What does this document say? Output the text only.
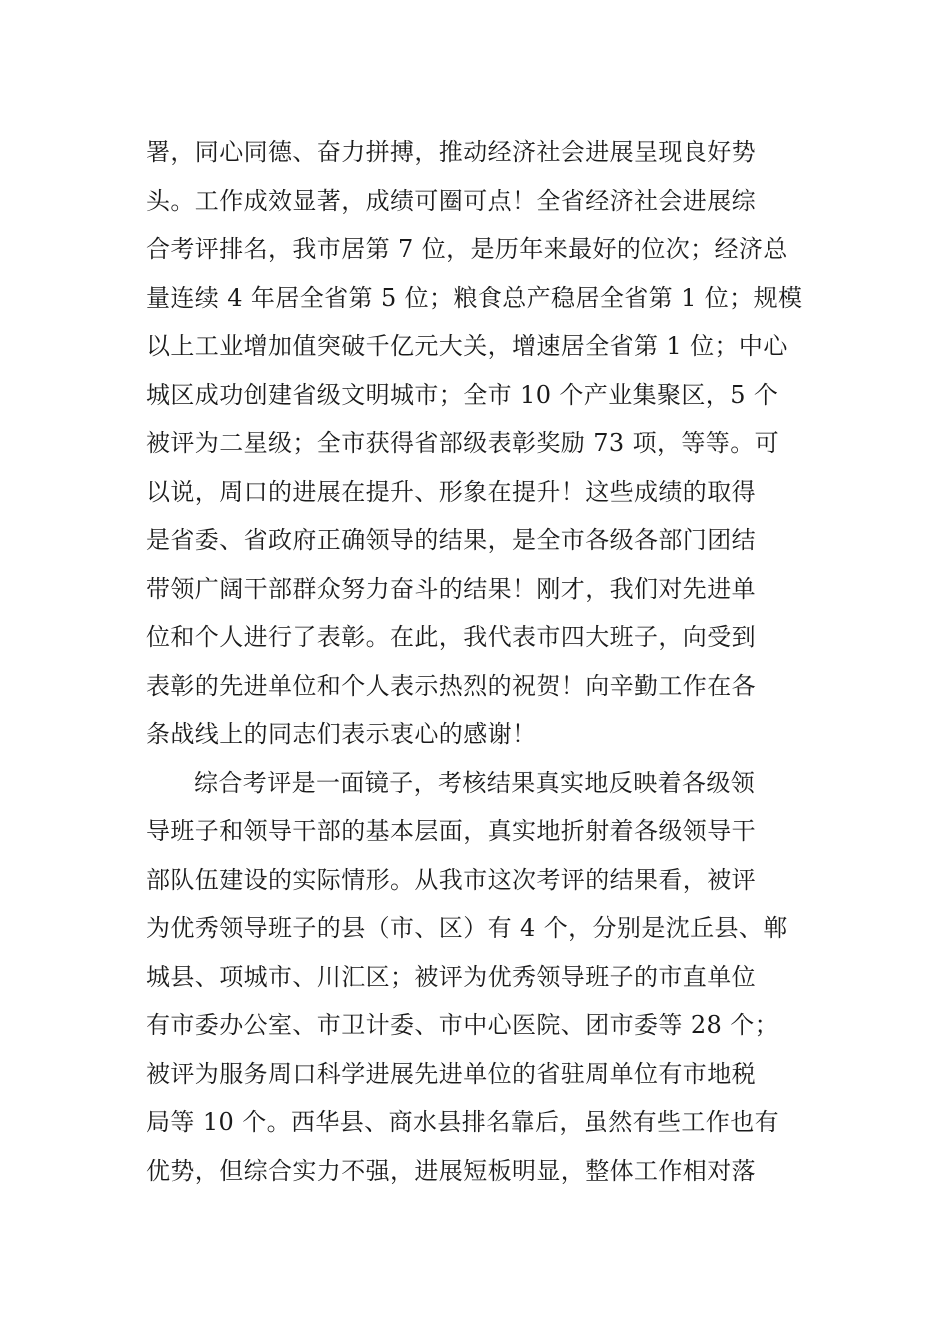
署，同心同德、奋力拼搏，推动经济社会进展呈现良好势
头。工作成效显著，成绩可圈可点！全省经济社会进展综
合考评排名，我市居第 7 位，是历年来最好的位次；经济总
量连续 4 年居全省第 5 位；粮食总产稳居全省第 1 位；规模
以上工业增加值突破千亿元大关，增速居全省第 1 位；中心
城区成功创建省级文明城市；全市 10 个产业集聚区，5 个
被评为二星级；全市获得省部级表彰奖励 73 项，等等。可
以说，周口的进展在提升、形象在提升！这些成绩的取得
是省委、省政府正确领导的结果，是全市各级各部门团结
带领广阔干部群众努力奋斗的结果！刚才，我们对先进单
位和个人进行了表彰。在此，我代表市四大班子，向受到
表彰的先进单位和个人表示热烈的祝贺！向辛勤工作在各
条战线上的同志们表示衷心的感谢！
综合考评是一面镜子，考核结果真实地反映着各级领
导班子和领导干部的基本层面，真实地折射着各级领导干
部队伍建设的实际情形。从我市这次考评的结果看，被评
为优秀领导班子的县（市、区）有 4 个，分别是沈丘县、郸
城县、项城市、川汇区；被评为优秀领导班子的市直单位
有市委办公室、市卫计委、市中心医院、团市委等 28 个；
被评为服务周口科学进展先进单位的省驻周单位有市地税
局等 10 个。西华县、商水县排名靠后，虽然有些工作也有
优势，但综合实力不强，进展短板明显，整体工作相对落
